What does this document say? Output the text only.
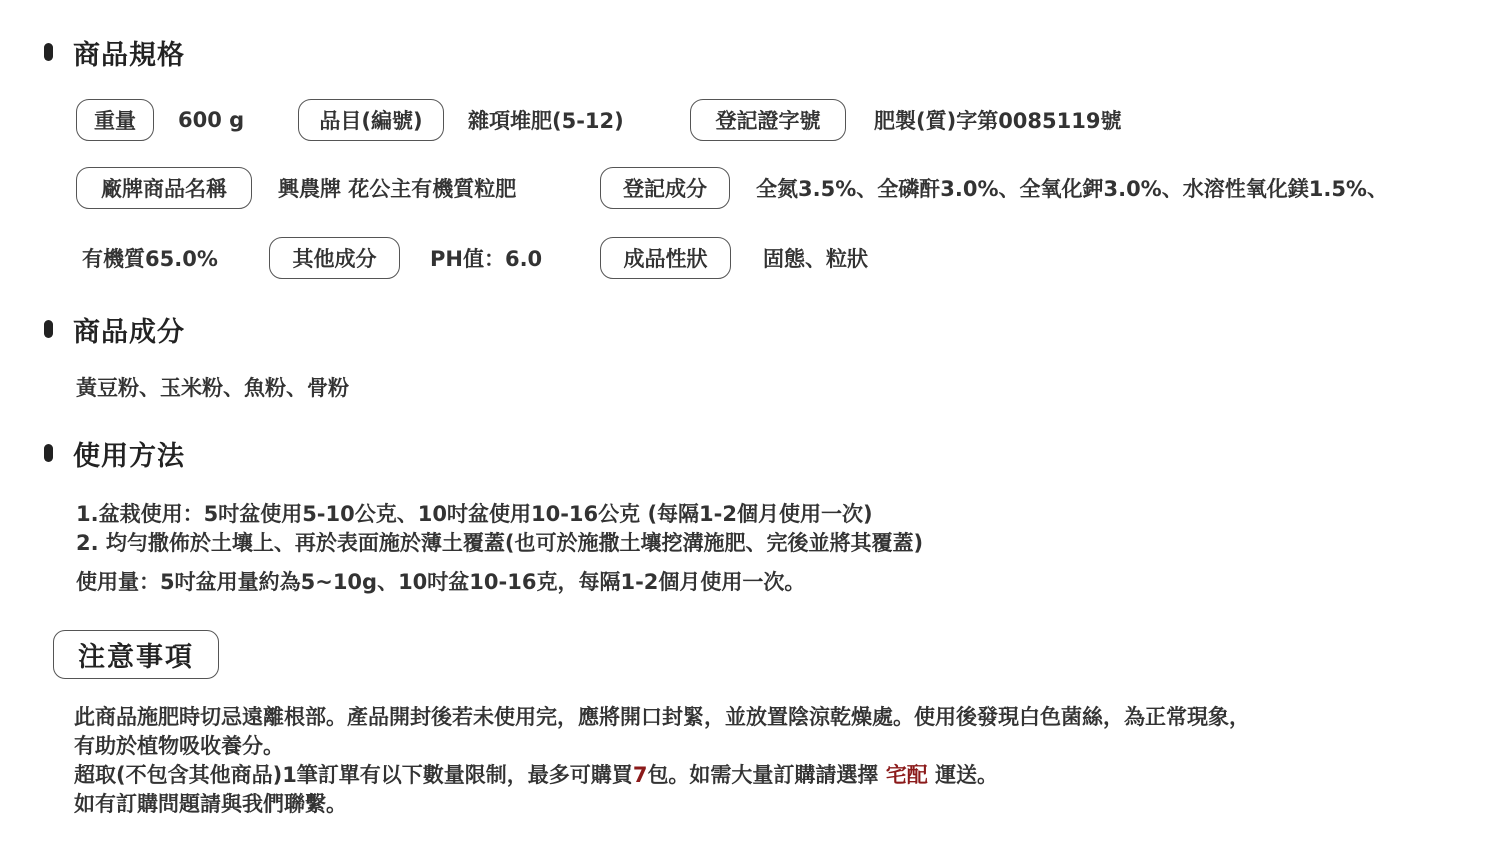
商品規格
重量	600 g	品目(編號)	雜項堆肥(5-12)	登記證字號	肥製(質)字第0085119號
廠牌商品名稱	興農牌 花公主有機質粒肥	登記成分	全氮3.5%、全磷酐3.0%、全氧化鉀3.0%、水溶性氧化鎂1.5%、
有機質65.0%	其他成分	PH值：6.0	成品性狀	固態、粒狀
商品成分
黃豆粉、玉米粉、魚粉、骨粉
使用方法
1.盆栽使用：5吋盆使用5-10公克、10吋盆使用10-16公克 (每隔1-2個月使用一次)
2. 均勻撒佈於土壤上、再於表面施於薄土覆蓋(也可於施撒土壤挖溝施肥、完後並將其覆蓋)
使用量：5吋盆用量約為5~10g、10吋盆10-16克，每隔1-2個月使用一次。
注意事項
此商品施肥時切忌遠離根部。產品開封後若未使用完，應將開口封緊，並放置陰涼乾燥處。使用後發現白色菌絲，為正常現象，
有助於植物吸收養分。
超取(不包含其他商品)1筆訂單有以下數量限制，最多可購買7包。如需大量訂購請選擇 宅配 運送。
如有訂購問題請與我們聯繫。
